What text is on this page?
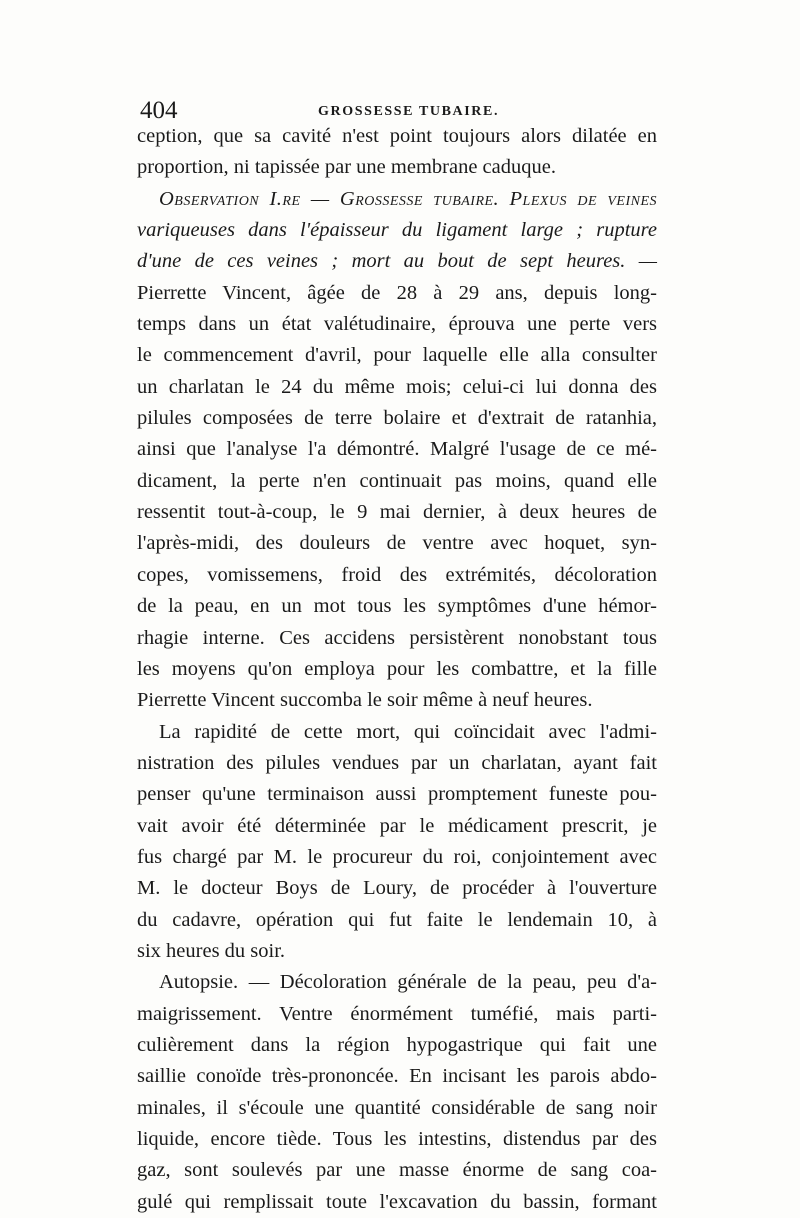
404	GROSSESSE TUBAIRE.
ception, que sa cavité n'est point toujours alors dilatée en
proportion, ni tapissée par une membrane caduque.
Observation I.re — Grossesse tubaire. Plexus de veines
variqueuses dans l'épaisseur du ligament large ; rupture
d'une de ces veines ; mort au bout de sept heures. —
Pierrette Vincent, âgée de 28 à 29 ans, depuis long-
temps dans un état valétudinaire, éprouva une perte vers
le commencement d'avril, pour laquelle elle alla consulter
un charlatan le 24 du même mois; celui-ci lui donna des
pilules composées de terre bolaire et d'extrait de ratanhia,
ainsi que l'analyse l'a démontré. Malgré l'usage de ce mé-
dicament, la perte n'en continuait pas moins, quand elle
ressentit tout-à-coup, le 9 mai dernier, à deux heures de
l'après-midi, des douleurs de ventre avec hoquet, syn-
copes, vomissemens, froid des extrémités, décoloration
de la peau, en un mot tous les symptômes d'une hémor-
rhagie interne. Ces accidens persistèrent nonobstant tous
les moyens qu'on employa pour les combattre, et la fille
Pierrette Vincent succomba le soir même à neuf heures.
La rapidité de cette mort, qui coïncidait avec l'admi-
nistration des pilules vendues par un charlatan, ayant fait
penser qu'une terminaison aussi promptement funeste pou-
vait avoir été déterminée par le médicament prescrit, je
fus chargé par M. le procureur du roi, conjointement avec
M. le docteur Boys de Loury, de procéder à l'ouverture
du cadavre, opération qui fut faite le lendemain 10, à
six heures du soir.
Autopsie. — Décoloration générale de la peau, peu d'a-
maigrissement. Ventre énormément tuméfié, mais parti-
culièrement dans la région hypogastrique qui fait une
saillie conoïde très-prononcée. En incisant les parois abdo-
minales, il s'écoule une quantité considérable de sang noir
liquide, encore tiède. Tous les intestins, distendus par des
gaz, sont soulevés par une masse énorme de sang coa-
gulé qui remplissait toute l'excavation du bassin, formant
